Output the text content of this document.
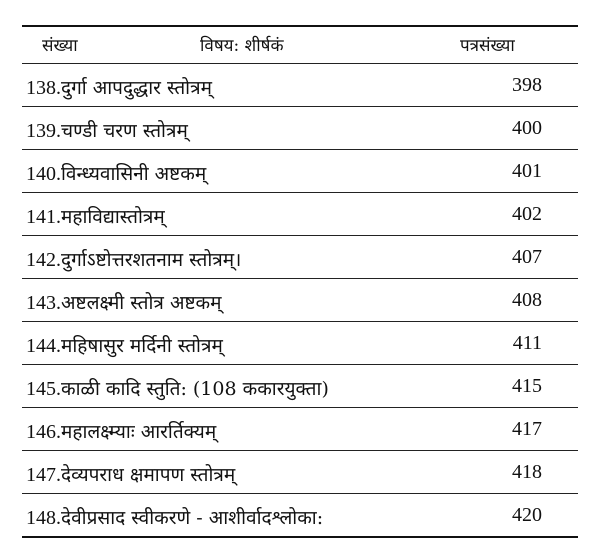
संख्या	विषय: शीर्षकं	पत्रसंख्या
138.दुर्गा आपदुद्धार स्तोत्रम्	398
139.चण्डी चरण स्तोत्रम्	400
140.विन्ध्यवासिनी अष्टकम्	401
141.महाविद्यास्तोत्रम्	402
142.दुर्गाऽष्टोत्तरशतनाम स्तोत्रम्।	407
143.अष्टलक्ष्मी स्तोत्र अष्टकम्	408
144.महिषासुर मर्दिनी स्तोत्रम्	411
145.काळी कादि स्तुति: (108 ककारयुक्ता)	415
146.महालक्ष्म्याः आरर्तिक्यम्	417
147.देव्यपराध क्षमापण स्तोत्रम्	418
148.देवीप्रसाद स्वीकरणे - आशीर्वादश्लोका:	420
